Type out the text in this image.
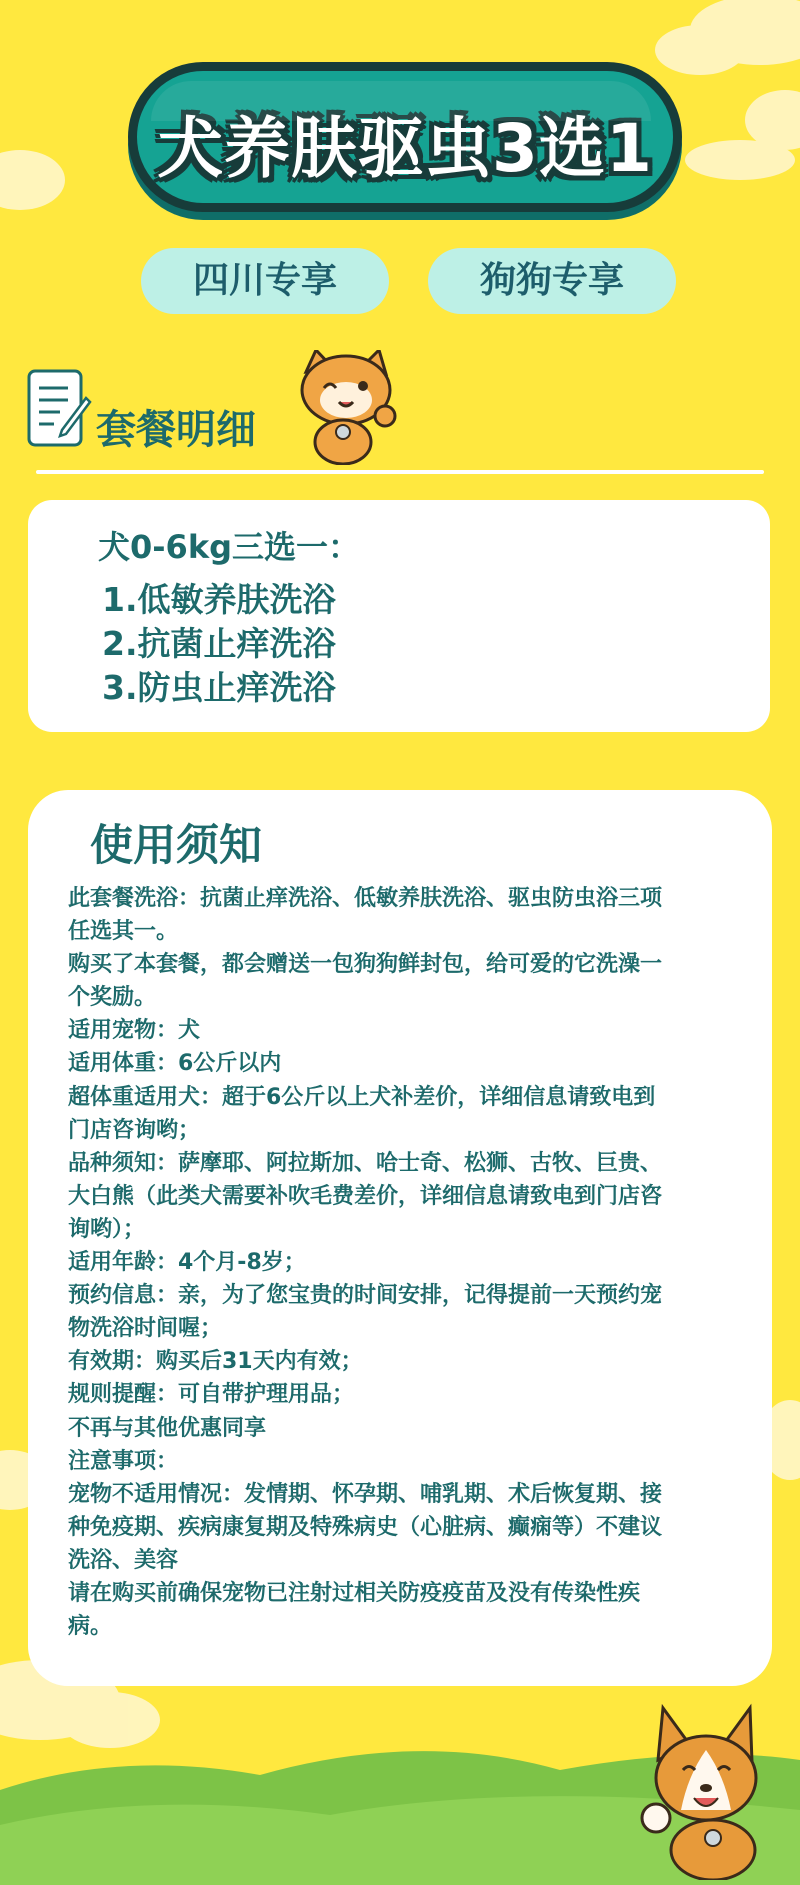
犬养肤驱虫3选1
四川专享	狗狗专享
套餐明细
犬0-6kg三选一：
1.低敏养肤洗浴
2.抗菌止痒洗浴
3.防虫止痒洗浴
使用须知

此套餐洗浴：抗菌止痒洗浴、低敏养肤洗浴、驱虫防虫浴三项

任选其一。

购买了本套餐，都会赠送一包狗狗鲜封包，给可爱的它洗澡一

个奖励。

适用宠物：犬

适用体重：6公斤以内

超体重适用犬：超于6公斤以上犬补差价，详细信息请致电到

门店咨询哟；

品种须知：萨摩耶、阿拉斯加、哈士奇、松狮、古牧、巨贵、

大白熊（此类犬需要补吹毛费差价，详细信息请致电到门店咨

询哟）；

适用年龄：4个月-8岁；

预约信息：亲，为了您宝贵的时间安排，记得提前一天预约宠

物洗浴时间喔；

有效期：购买后31天内有效；

规则提醒：可自带护理用品；

不再与其他优惠同享

注意事项：

宠物不适用情况：发情期、怀孕期、哺乳期、术后恢复期、接

种免疫期、疾病康复期及特殊病史（心脏病、癫痫等）不建议

洗浴、美容

请在购买前确保宠物已注射过相关防疫疫苗及没有传染性疾

病。
